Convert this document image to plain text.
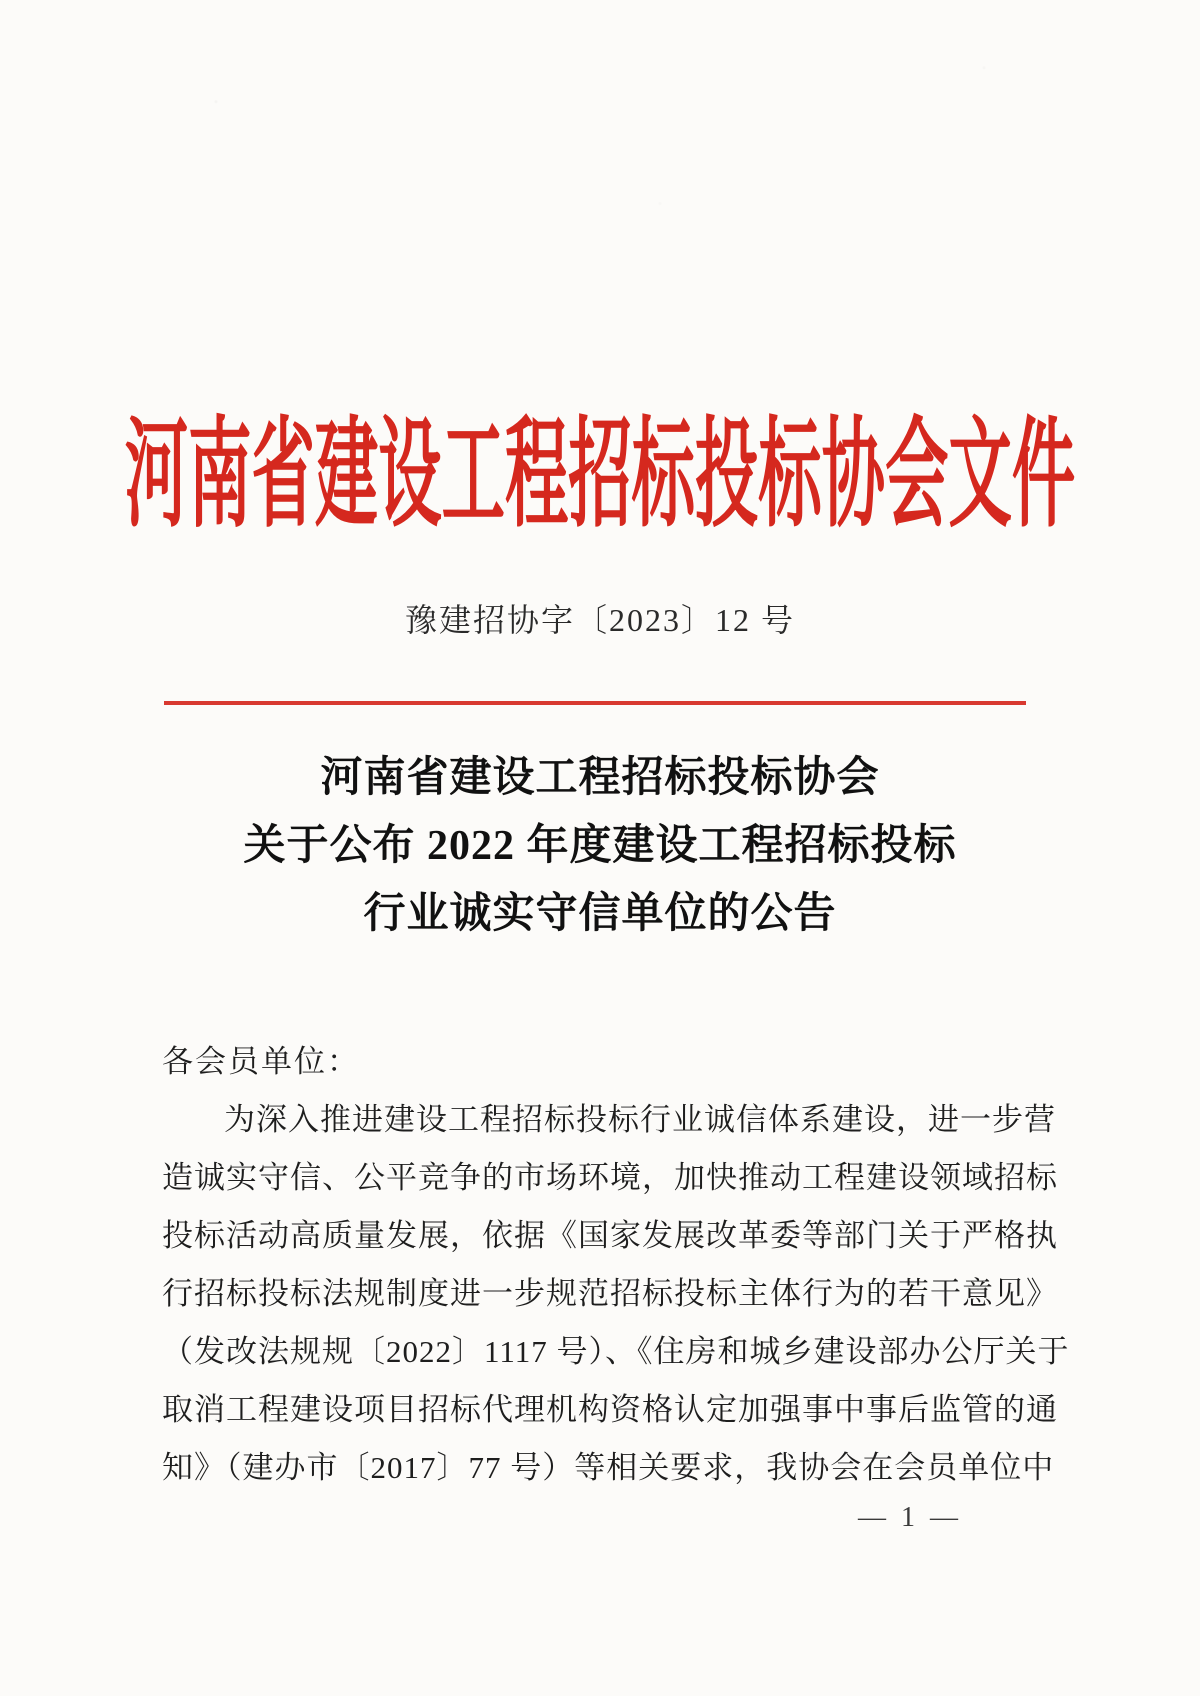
河南省建设工程招标投标协会文件
豫建招协字〔2023〕12 号
河南省建设工程招标投标协会
关于公布 2022 年度建设工程招标投标
行业诚实守信单位的公告
各会员单位：
为深入推进建设工程招标投标行业诚信体系建设，进一步营
造诚实守信、公平竞争的市场环境，加快推动工程建设领域招标
投标活动高质量发展，依据《国家发展改革委等部门关于严格执
行招标投标法规制度进一步规范招标投标主体行为的若干意见》
（发改法规规〔2022〕1117 号）、《住房和城乡建设部办公厅关于
取消工程建设项目招标代理机构资格认定加强事中事后监管的通
知》（建办市〔2017〕77 号）等相关要求，我协会在会员单位中
— 1 —
